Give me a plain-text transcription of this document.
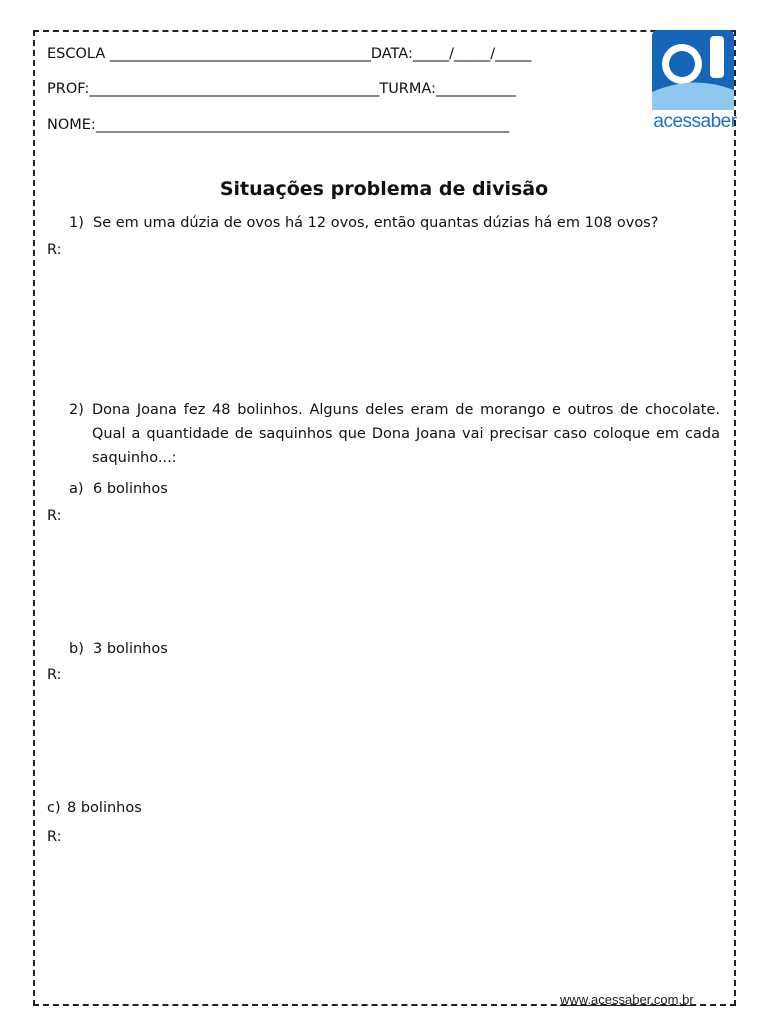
ESCOLA ____________________________________DATA:_____/_____/_____
PROF:________________________________________TURMA:___________
NOME:_________________________________________________________	acessaber
Situações problema de divisão
1) Se em uma dúzia de ovos há 12 ovos, então quantas dúzias há em 108 ovos?
R:
2) Dona Joana fez 48 bolinhos. Alguns deles eram de morango e outros de chocolate. Qual a quantidade de saquinhos que Dona Joana vai precisar caso coloque em cada saquinho...:
a) 6 bolinhos
R:
b) 3 bolinhos
R:
c) 8 bolinhos
R:
www.acessaber.com.br
